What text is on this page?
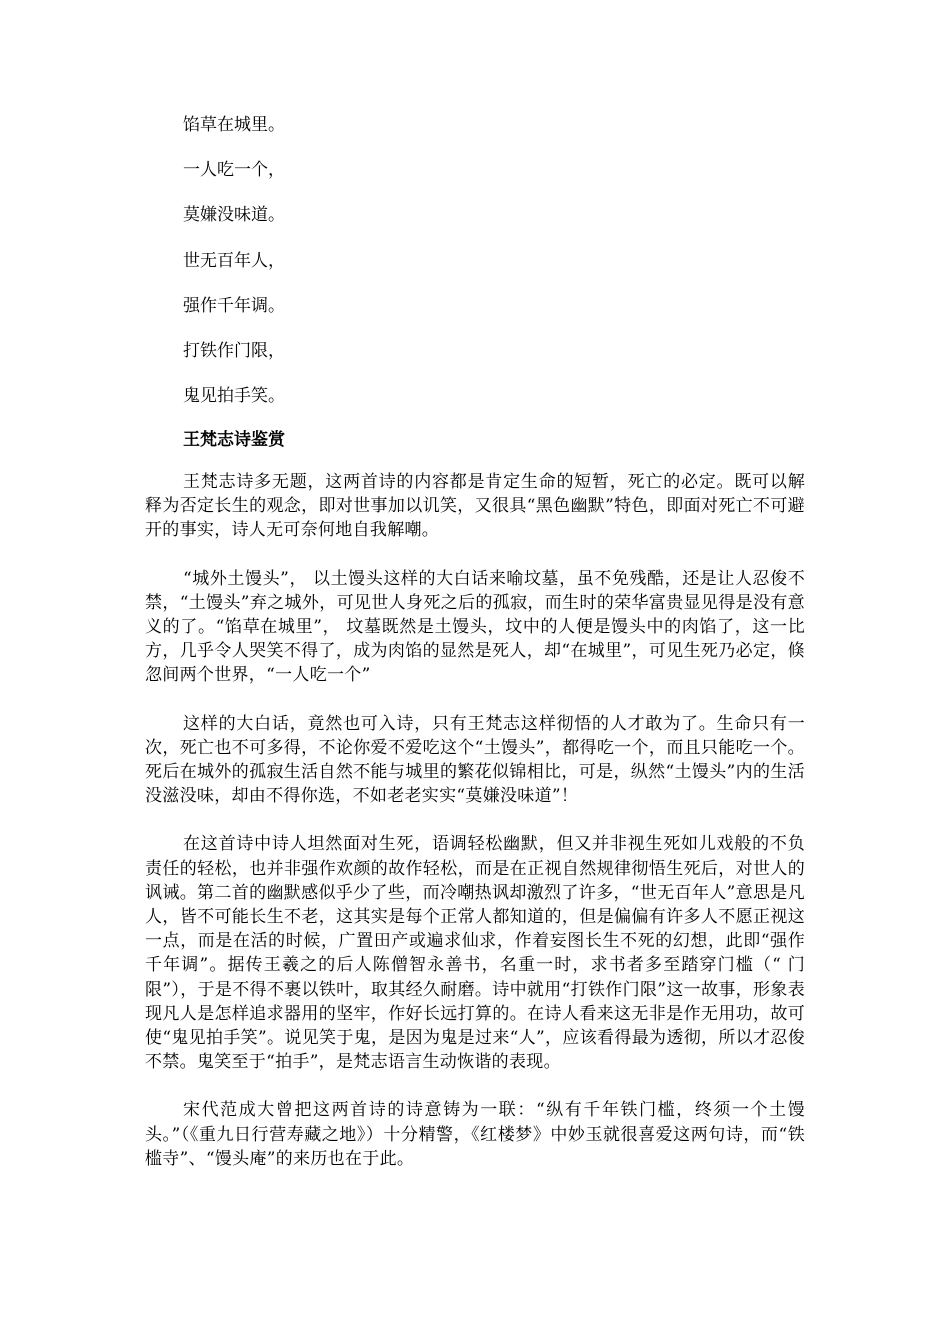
馅草在城里。
一人吃一个，
莫嫌没味道。
世无百年人，
强作千年调。
打铁作门限，
鬼见拍手笑。
王梵志诗鉴赏

王梵志诗多无题，这两首诗的内容都是肯定生命的短暂，死亡的必定。既可以解释为否定长生的观念，即对世事加以讥笑，又很具“黑色幽默”特色，即面对死亡不可避开的事实，诗人无可奈何地自我解嘲。

“城外土馒头”， 以土馒头这样的大白话来喻坟墓，虽不免残酷，还是让人忍俊不禁，“土馒头”弃之城外，可见世人身死之后的孤寂，而生时的荣华富贵显见得是没有意义的了。“馅草在城里”， 坟墓既然是土馒头，坟中的人便是馒头中的肉馅了，这一比方，几乎令人哭笑不得了，成为肉馅的显然是死人，却“在城里”，可见生死乃必定，倏忽间两个世界，“一人吃一个”

这样的大白话，竟然也可入诗，只有王梵志这样彻悟的人才敢为了。生命只有一次，死亡也不可多得，不论你爱不爱吃这个“土馒头”，都得吃一个，而且只能吃一个。死后在城外的孤寂生活自然不能与城里的繁花似锦相比，可是，纵然“土馒头”内的生活没滋没味，却由不得你选，不如老老实实“莫嫌没味道”！

在这首诗中诗人坦然面对生死，语调轻松幽默，但又并非视生死如儿戏般的不负责任的轻松，也并非强作欢颜的故作轻松，而是在正视自然规律彻悟生死后，对世人的讽诫。第二首的幽默感似乎少了些，而冷嘲热讽却激烈了许多，“世无百年人”意思是凡人，皆不可能长生不老，这其实是每个正常人都知道的，但是偏偏有许多人不愿正视这一点，而是在活的时候，广置田产或遍求仙求，作着妄图长生不死的幻想，此即“强作千年调”。据传王羲之的后人陈僧智永善书，名重一时，求书者多至踏穿门槛（“ 门限”），于是不得不裹以铁叶，取其经久耐磨。诗中就用“打铁作门限”这一故事，形象表现凡人是怎样追求器用的坚牢，作好长远打算的。在诗人看来这无非是作无用功，故可使“鬼见拍手笑”。说见笑于鬼，是因为鬼是过来“人”，应该看得最为透彻，所以才忍俊不禁。鬼笑至于“拍手”，是梵志语言生动恢谐的表现。

宋代范成大曾把这两首诗的诗意铸为一联：“纵有千年铁门槛，终须一个土馒头。”（《重九日行营寿藏之地》）十分精警，《红楼梦》中妙玉就很喜爱这两句诗，而“铁槛寺”、“馒头庵”的来历也在于此。
